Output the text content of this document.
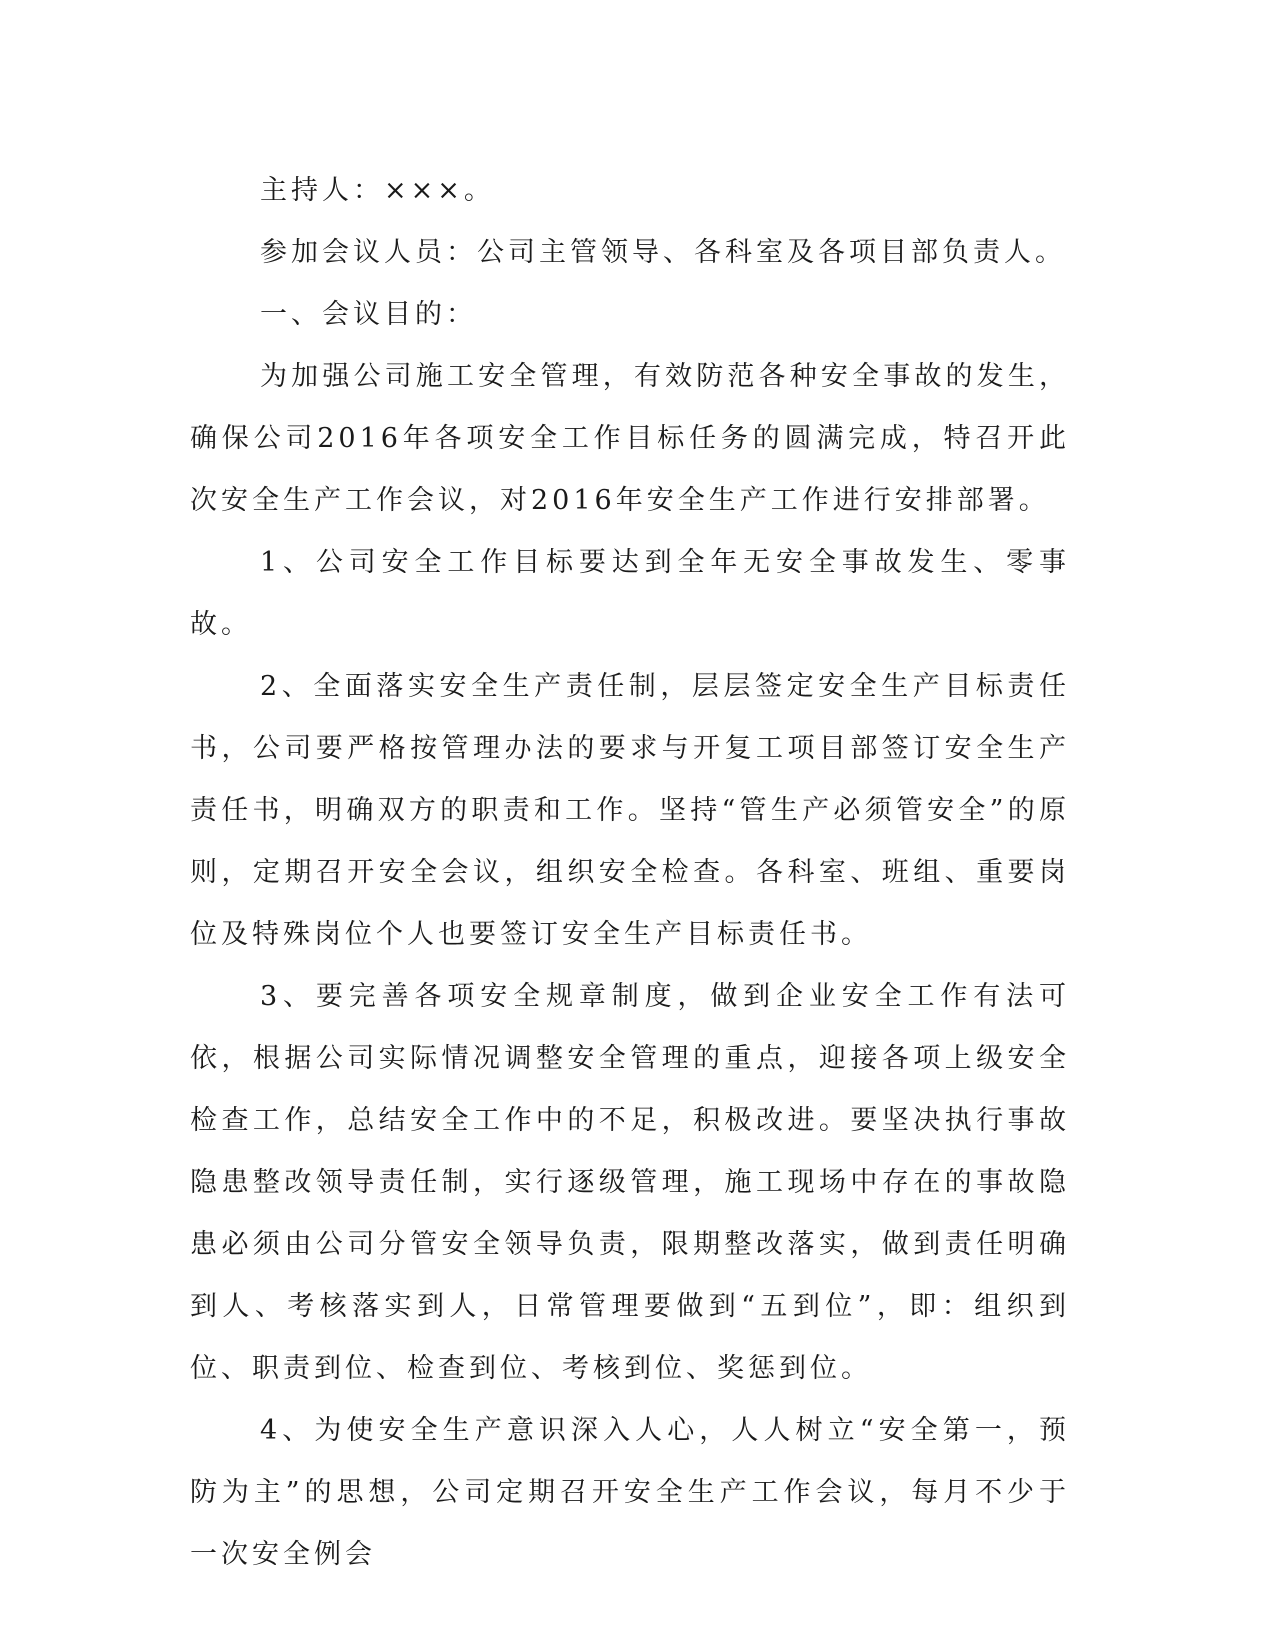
主持人：×××。

参加会议人员：公司主管领导、各科室及各项目部负责人。

一、会议目的：

为加强公司施工安全管理，有效防范各种安全事故的发生，确保公司2016年各项安全工作目标任务的圆满完成，特召开此次安全生产工作会议，对2016年安全生产工作进行安排部署。

1、公司安全工作目标要达到全年无安全事故发生、零事故。

2、全面落实安全生产责任制，层层签定安全生产目标责任书，公司要严格按管理办法的要求与开复工项目部签订安全生产责任书，明确双方的职责和工作。坚持“管生产必须管安全”的原则，定期召开安全会议，组织安全检查。各科室、班组、重要岗位及特殊岗位个人也要签订安全生产目标责任书。

3、要完善各项安全规章制度，做到企业安全工作有法可依，根据公司实际情况调整安全管理的重点，迎接各项上级安全检查工作，总结安全工作中的不足，积极改进。要坚决执行事故隐患整改领导责任制，实行逐级管理，施工现场中存在的事故隐患必须由公司分管安全领导负责，限期整改落实，做到责任明确到人、考核落实到人，日常管理要做到“五到位”，即：组织到位、职责到位、检查到位、考核到位、奖惩到位。

4、为使安全生产意识深入人心，人人树立“安全第一，预防为主”的思想，公司定期召开安全生产工作会议，每月不少于一次安全例会
